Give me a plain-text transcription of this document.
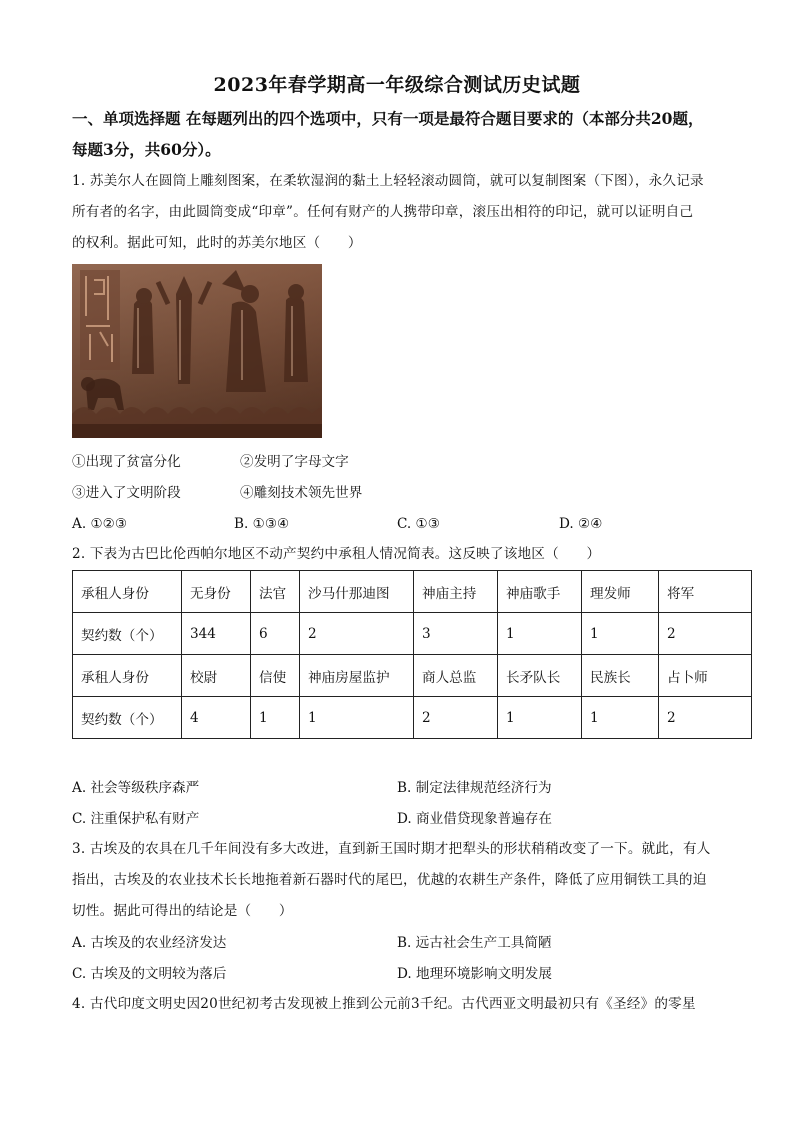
2023年春学期高一年级综合测试历史试题
一、单项选择题 在每题列出的四个选项中，只有一项是最符合题目要求的（本部分共20题，
每题3分，共60分）。
1. 苏美尔人在圆筒上雕刻图案，在柔软湿润的黏土上轻轻滚动圆筒，就可以复制图案（下图），永久记录
所有者的名字，由此圆筒变成“印章”。任何有财产的人携带印章，滚压出相符的印记，就可以证明自己
的权利。据此可知，此时的苏美尔地区（　　）
①出现了贫富分化	②发明了字母文字
③进入了文明阶段	④雕刻技术领先世界
A. ①②③	B. ①③④	C. ①③	D. ②④
2. 下表为古巴比伦西帕尔地区不动产契约中承租人情况简表。这反映了该地区（　　）
承租人身份	无身份	法官	沙马什那迪图	神庙主持	神庙歌手	理发师	将军
契约数（个）	344	6	2	3	1	1	2
承租人身份	校尉	信使	神庙房屋监护	商人总监	长矛队长	民族长	占卜师
契约数（个）	4	1	1	2	1	1	2
A. 社会等级秩序森严	B. 制定法律规范经济行为
C. 注重保护私有财产	D. 商业借贷现象普遍存在
3. 古埃及的农具在几千年间没有多大改进，直到新王国时期才把犁头的形状稍稍改变了一下。就此，有人
指出，古埃及的农业技术长长地拖着新石器时代的尾巴，优越的农耕生产条件，降低了应用铜铁工具的迫
切性。据此可得出的结论是（　　）
A. 古埃及的农业经济发达	B. 远古社会生产工具简陋
C. 古埃及的文明较为落后	D. 地理环境影响文明发展
4. 古代印度文明史因20世纪初考古发现被上推到公元前3千纪。古代西亚文明最初只有《圣经》的零星
